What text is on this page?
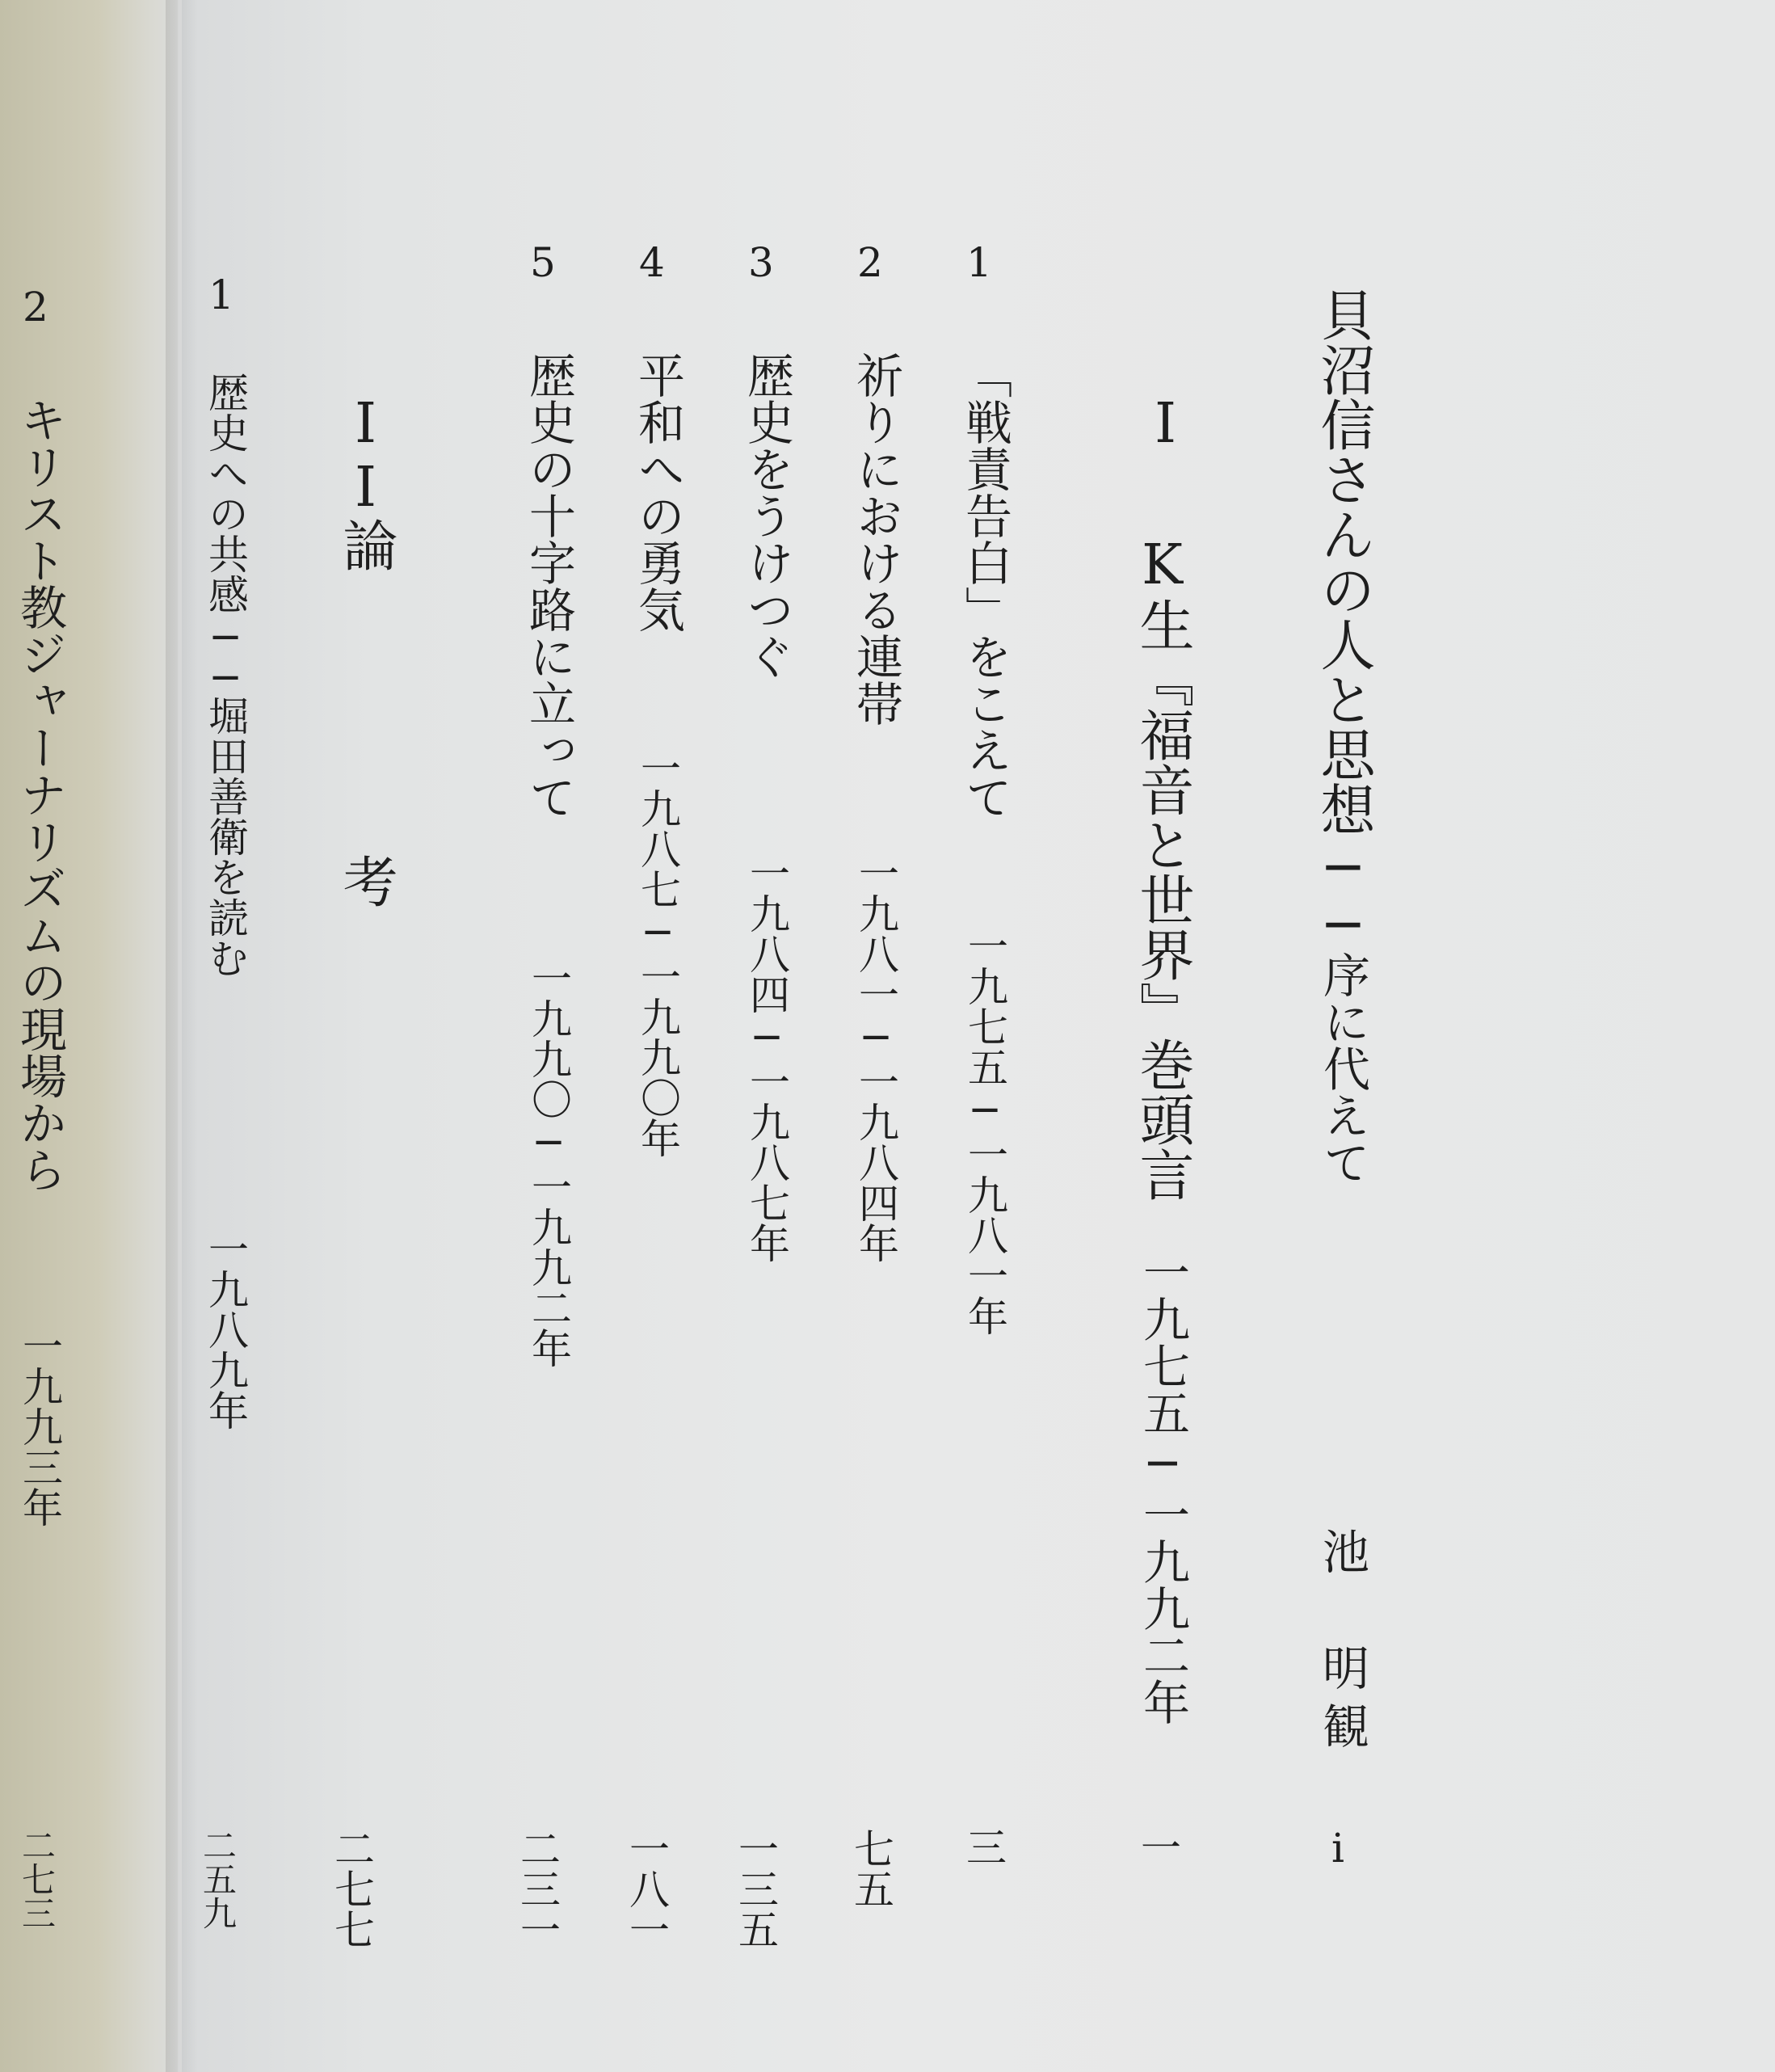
貝沼信さんの人と思想──序に代えて
池　明観
i
I
K生『福音と世界』巻頭言
一九七五─一九九二年
一
1
「戦責告白」をこえて
一九七五─一九八一年
三
2
祈りにおける連帯
一九八一─一九八四年
七五
3
歴史をうけつぐ
一九八四─一九八七年
一三五
4
平和への勇気
一九八七─一九九〇年
一八一
5
歴史の十字路に立って
一九九〇─一九九二年
二三一
II
論　考
二七七
1
歴史への共感──堀田善衛を読む
一九八九年
二五九
2
キリスト教ジャーナリズムの現場から
一九九三年
二七三
